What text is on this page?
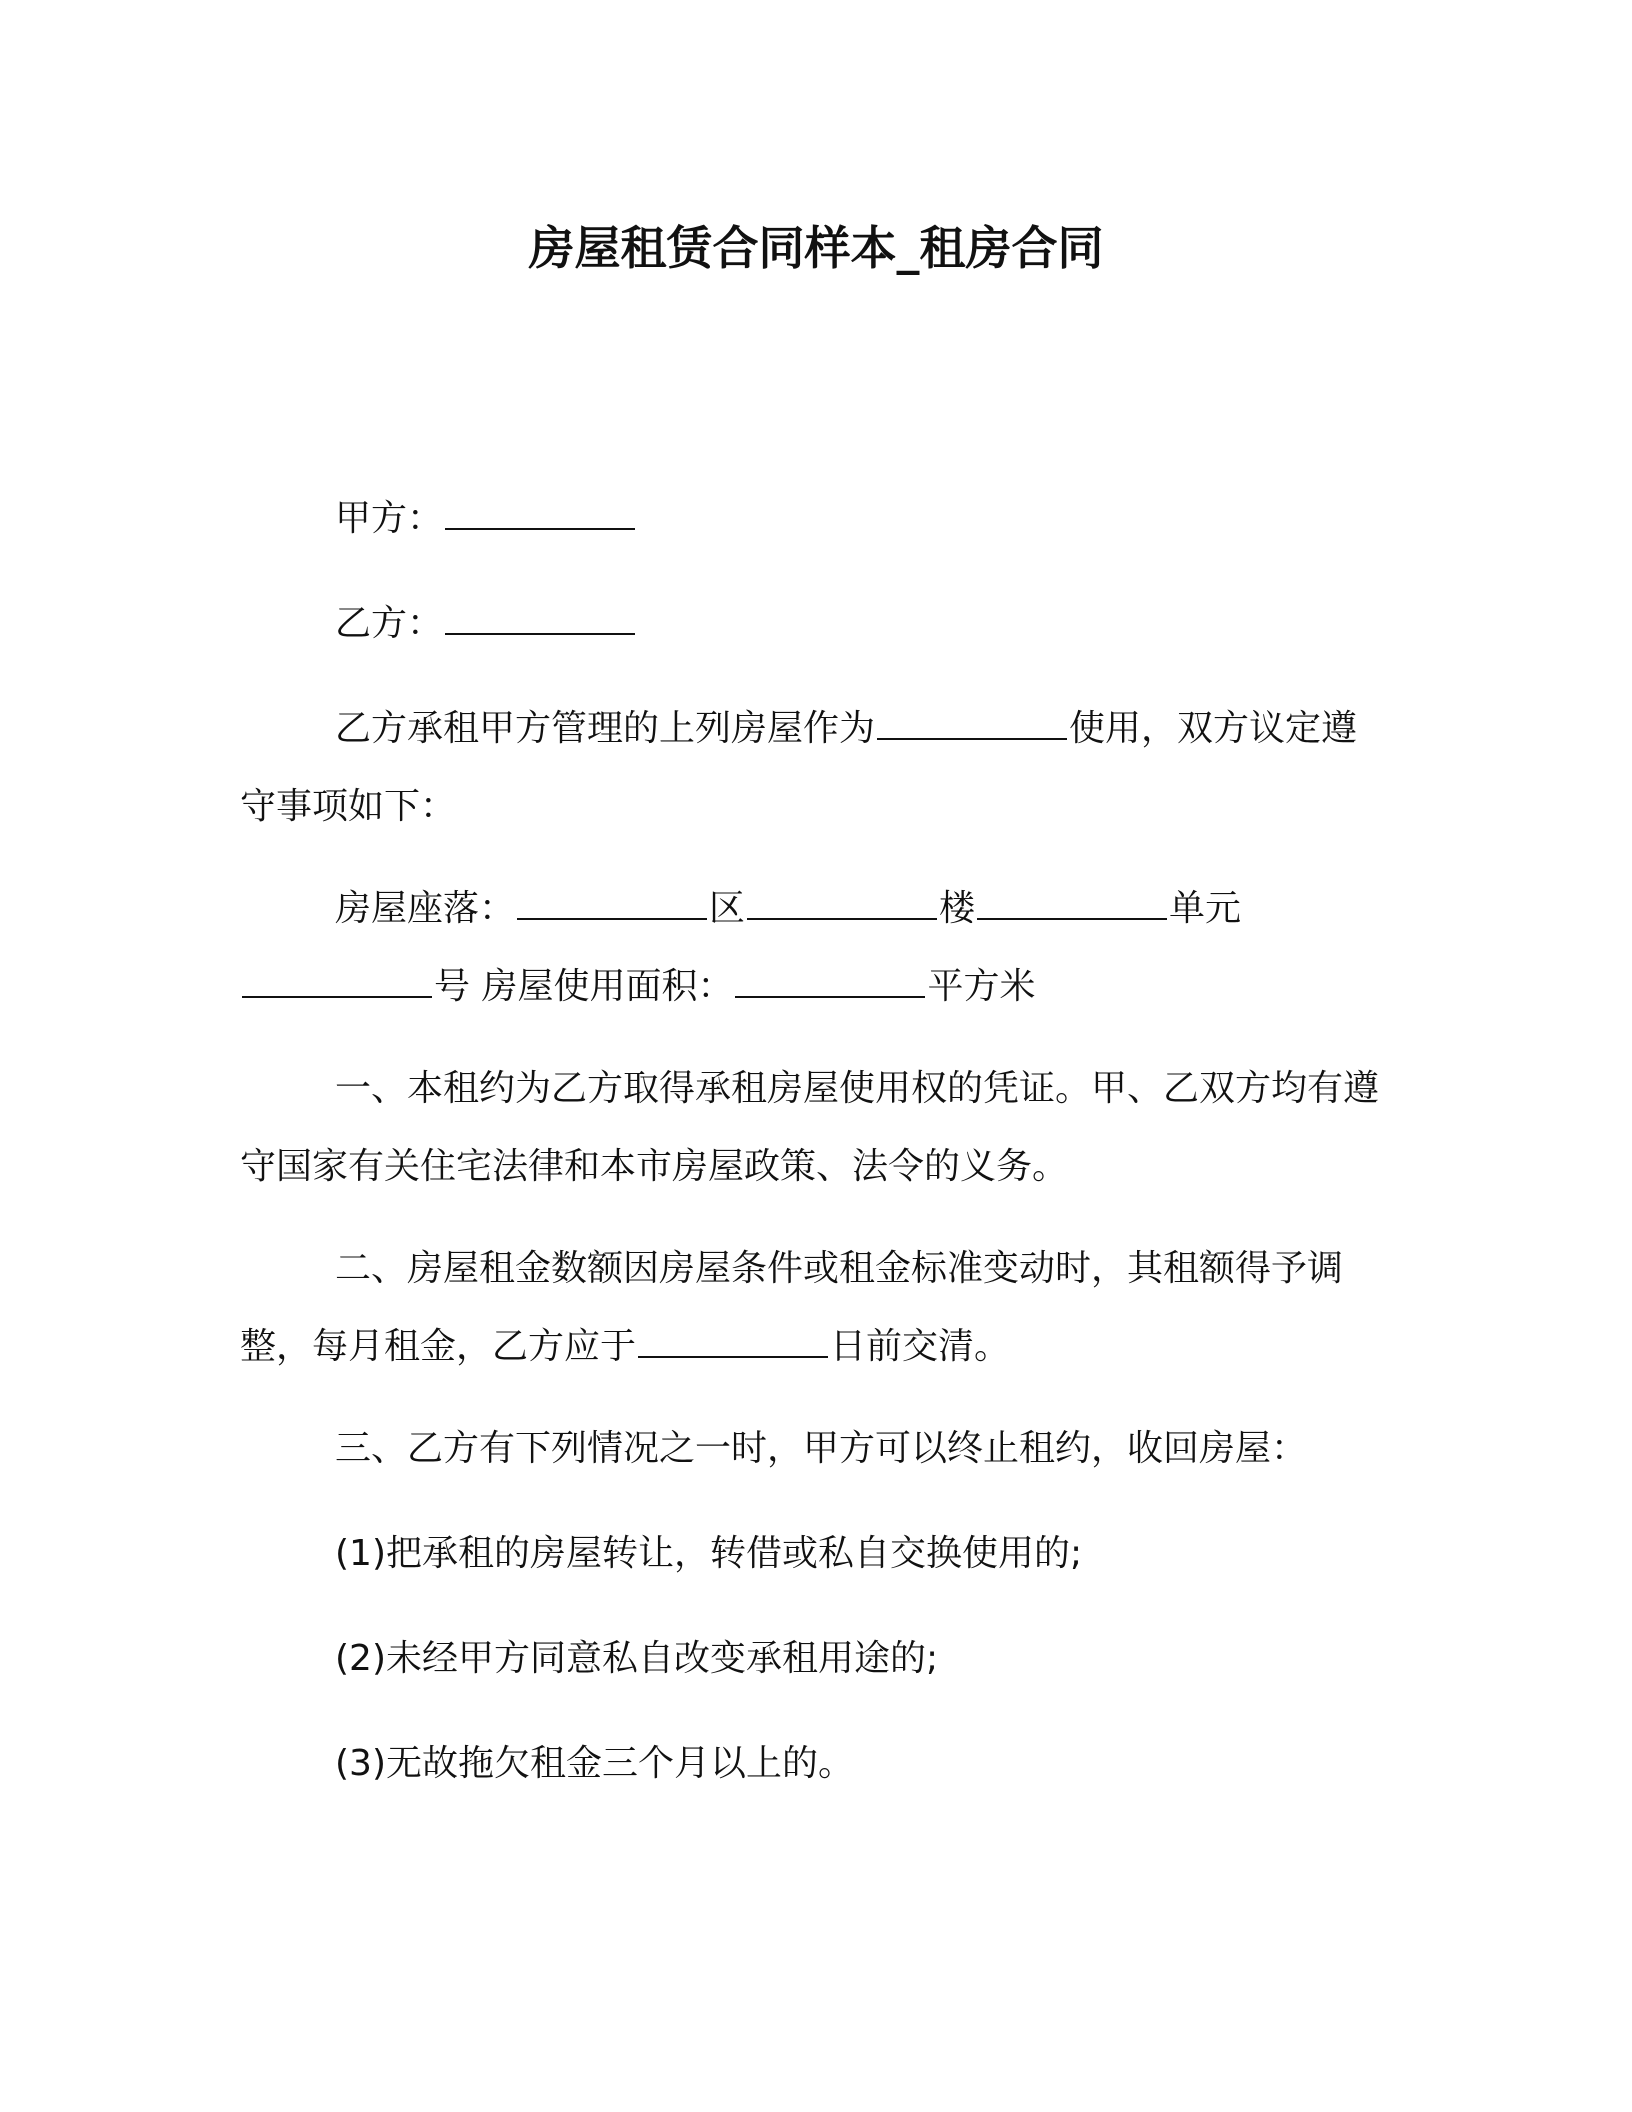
房屋租赁合同样本_租房合同
甲方：
乙方：
乙方承租甲方管理的上列房屋作为	使用，双方议定遵守事项如下：
房屋座落：	区	楼	单元号 房屋使用面积：	平方米
一、本租约为乙方取得承租房屋使用权的凭证。甲、乙双方均有遵守国家有关住宅法律和本市房屋政策、法令的义务。
二、房屋租金数额因房屋条件或租金标准变动时，其租额得予调整，每月租金，乙方应于	日前交清。
三、乙方有下列情况之一时，甲方可以终止租约，收回房屋：
(1)把承租的房屋转让，转借或私自交换使用的;
(2)未经甲方同意私自改变承租用途的;
(3)无故拖欠租金三个月以上的。
